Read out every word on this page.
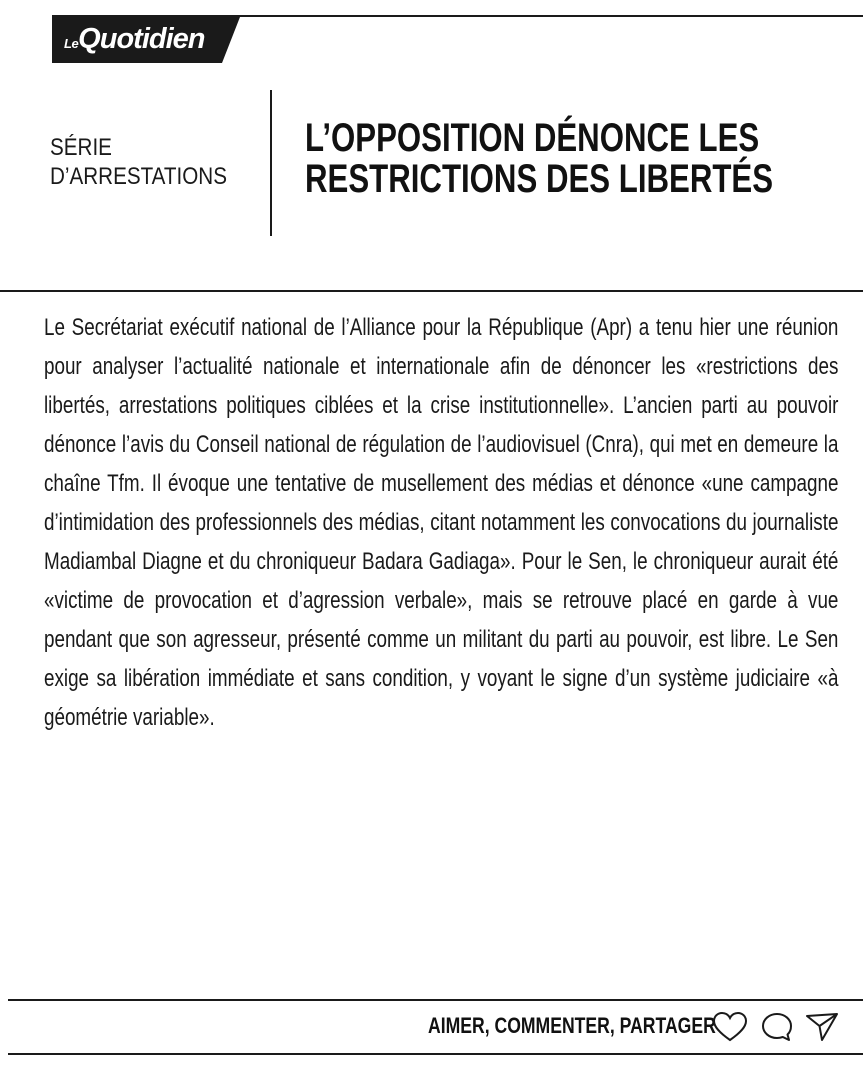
LeQuotidien
SÉRIE
D’ARRESTATIONS
L’OPPOSITION DÉNONCE LES
RESTRICTIONS DES LIBERTÉS

Le Secrétariat exécutif national de l’Alliance pour la République (Apr) a tenu hier une réunion pour analyser l’actualité nationale et internationale afin de dénoncer les «restrictions des libertés, arrestations politiques ciblées et la crise institutionnelle». L’ancien parti au pouvoir dénonce l’avis du Conseil national de régulation de l’audiovisuel (Cnra), qui met en demeure la chaîne Tfm. Il évoque une tentative de musellement des médias et dénonce «une campagne d’intimidation des professionnels des médias, citant notamment les convocations du journaliste Madiambal Diagne et du chroniqueur Badara Gadiaga». Pour le Sen, le chroniqueur aurait été «victime de provocation et d’agression verbale», mais se retrouve placé en garde à vue pendant que son agresseur, présenté comme un militant du parti au pouvoir, est libre. Le Sen exige sa libération immédiate et sans condition, y voyant le signe d’un système judiciaire «à géométrie variable».

AIMER, COMMENTER, PARTAGER
